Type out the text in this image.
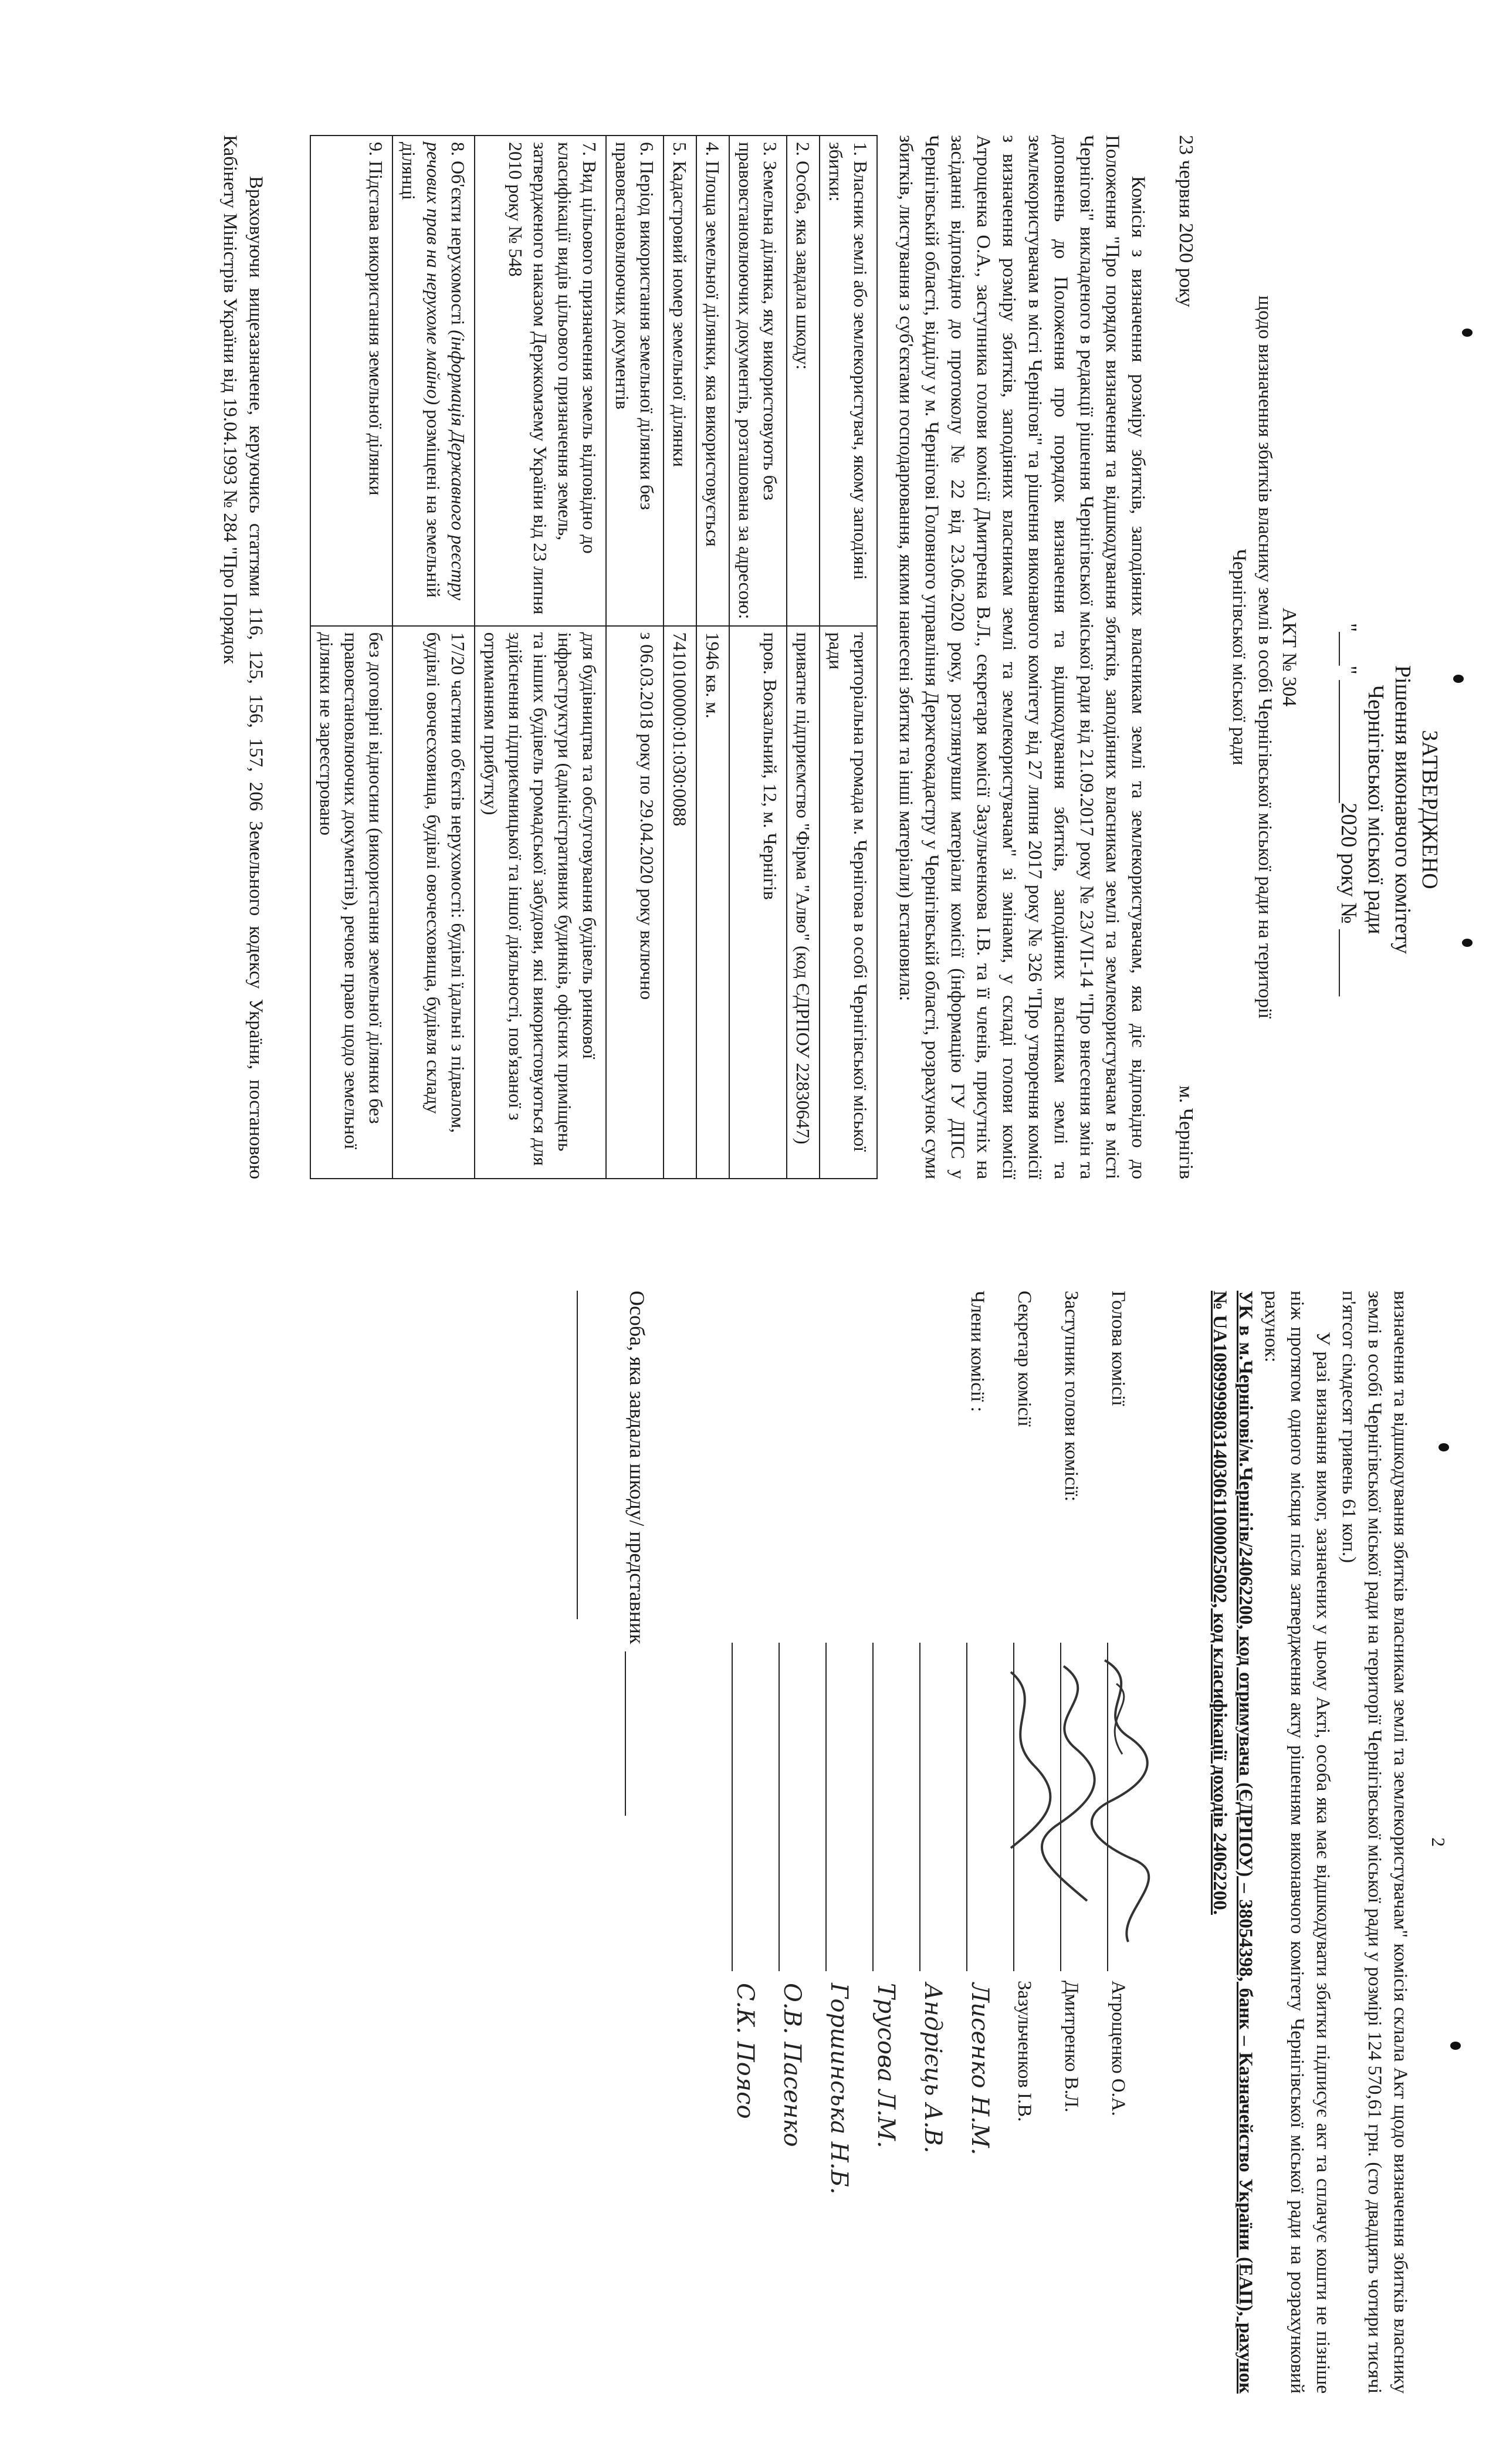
ЗАТВЕРДЖЕНО
Рішення виконавчого комітету
Чернігівської міської ради
"___" ___________2020 року № ______
АКТ № 304
щодо визначення збитків власнику землі в особі Чернігівської міської ради на території
Чернігівської міської ради
23 червня 2020 року
м. Чернігів

Комісія з визначення розміру збитків, заподіяних власникам землі та землекористувачам, яка діє відповідно до Положення "Про порядок визначення та відшкодування збитків, заподіяних власникам землі та землекористувачам в місті Чернігові" викладеного в редакції рішення Чернігівської міської ради від 21.09.2017 року № 23/VII-14 "Про внесення змін та доповнень до Положення про порядок визначення та відшкодування збитків, заподіяних власникам землі та землекористувачам в місті Чернігові" та рішення виконавчого комітету від 27 липня 2017 року № 326 "Про утворення комісії з визначення розміру збитків, заподіяних власникам землі та землекористувачам" зі змінами, у складі голови комісії Атрощенка О.А., заступника голови комісії Дмитренка В.Л., секретаря комісії Зазульченкова І.В. та її членів, присутніх на засіданні відповідно до протоколу № 22 від 23.06.2020 року, розглянувши матеріали комісії (інформацію ГУ ДПС у Чернігівській області, відділу у м. Чернігові Головного управління Держгеокадастру у Чернігівській області, розрахунок суми збитків, листування з суб'єктами господарювання, якими нанесені збитки та інші матеріали) встановила:

1. Власник землі або землекористувач, якому заподіяні збитки:	територіальна громада м. Чернігова в особі Чернігівської міської ради
2. Особа, яка завдала шкоду:	приватне підприємство "Фірма "Алво" (код ЄДРПОУ 22830647)
3. Земельна ділянка, яку використовують без правовстановлюючих документів, розташована за адресою:	пров. Вокзальний, 12, м. Чернігів
4. Площа земельної ділянки, яка використовується	1946 кв. м.
5. Кадастровий номер земельної ділянки	7410100000:01:030:0088
6. Період використання земельної ділянки без правовстановлюючих документів	з 06.03.2018 року по 29.04.2020 року включно
7. Вид цільового призначення земель відповідно до класифікації видів цільового призначення земель, затвердженого наказом Держкомзему України від 23 липня 2010 року № 548	для будівництва та обслуговування будівель ринкової інфраструктури (адміністративних будинків, офісних приміщень та інших будівель громадської забудови, які використовуються для здійснення підприємницької та іншої діяльності, пов'язаної з отриманням прибутку)
8. Об'єкти нерухомості (інформація Державного реєстру речових прав на нерухоме майно) розміщені на земельній ділянці	17/20 частини об'єктів нерухомості: будівлі їдальні з підвалом, будівлі овочесховища, будівлі овочесховища, будівля складу
9. Підстава використання земельної ділянки	без договірні відносини (використання земельної ділянки без правовстановлюючих документів), речове право щодо земельної ділянки не зареєстровано

Враховуючи вищезазначене, керуючись статтями 116, 125, 156, 157, 206 Земельного кодексу України, постановою Кабінету Міністрів України від 19.04.1993 № 284 "Про Порядок

2

визначення та відшкодування збитків власникам землі та землекористувачам" комісія склала Акт щодо визначення збитків власнику землі в особі Чернігівської міської ради на території Чернігівської міської ради у розмірі 124 570,61 грн. (сто двадцять чотири тисячі п'ятсот сімдесят гривень 61 коп.)

У разі визнання вимог, зазначених у цьому Акті, особа яка має відшкодувати збитки підписує акт та сплачує кошти не пізніше ніж протягом одного місяця після затвердження акту рішенням виконавчого комітету Чернігівської міської ради на розрахунковий рахунок:

УК в м.Чернігові/м.Чернігів/24062200, код отримувача (ЄДРПОУ) – 38054398, банк – Казначейство України (ЕАП), рахунок № UA108999980314030611000025002, код класифікації доходів 24062200.

Голова комісії
Атрощенко О.А.
Заступник голови комісії:
Дмитренко В.Л.
Секретар комісії
Зазульченков І.В.
Члени комісії :
Лисенко Н.М.
Андрієць А.В.
Трусова Л.М.
Горшинська Н.Б.
О.В. Пасенко
С.К. Поясо
Особа, яка завдала шкоду/ представник
